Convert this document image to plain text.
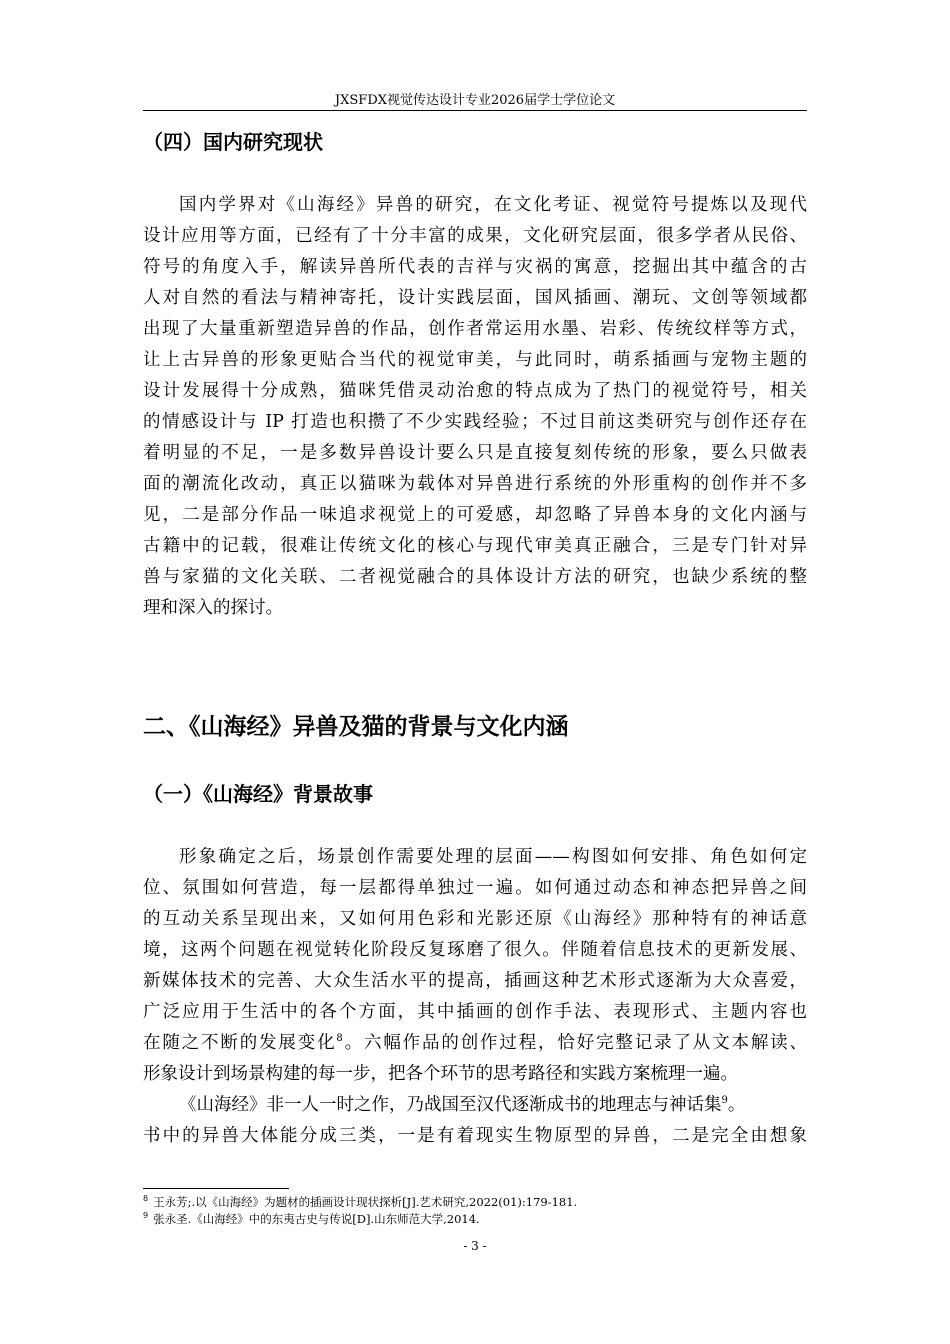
JXSFDX视觉传达设计专业2026届学士学位论文
（四）国内研究现状
国内学界对《山海经》异兽的研究，在文化考证、视觉符号提炼以及现代
设计应用等方面，已经有了十分丰富的成果，文化研究层面，很多学者从民俗、
符号的角度入手，解读异兽所代表的吉祥与灾祸的寓意，挖掘出其中蕴含的古
人对自然的看法与精神寄托，设计实践层面，国风插画、潮玩、文创等领域都
出现了大量重新塑造异兽的作品，创作者常运用水墨、岩彩、传统纹样等方式，
让上古异兽的形象更贴合当代的视觉审美，与此同时，萌系插画与宠物主题的
设计发展得十分成熟，猫咪凭借灵动治愈的特点成为了热门的视觉符号，相关
的情感设计与 IP 打造也积攒了不少实践经验；不过目前这类研究与创作还存在
着明显的不足，一是多数异兽设计要么只是直接复刻传统的形象，要么只做表
面的潮流化改动，真正以猫咪为载体对异兽进行系统的外形重构的创作并不多
见，二是部分作品一味追求视觉上的可爱感，却忽略了异兽本身的文化内涵与
古籍中的记载，很难让传统文化的核心与现代审美真正融合，三是专门针对异
兽与家猫的文化关联、二者视觉融合的具体设计方法的研究，也缺少系统的整
理和深入的探讨。
二、《山海经》异兽及猫的背景与文化内涵
（一）《山海经》背景故事
形象确定之后，场景创作需要处理的层面——构图如何安排、角色如何定
位、氛围如何营造，每一层都得单独过一遍。如何通过动态和神态把异兽之间
的互动关系呈现出来，又如何用色彩和光影还原《山海经》那种特有的神话意
境，这两个问题在视觉转化阶段反复琢磨了很久。伴随着信息技术的更新发展、
新媒体技术的完善、大众生活水平的提高，插画这种艺术形式逐渐为大众喜爱，
广泛应用于生活中的各个方面，其中插画的创作手法、表现形式、主题内容也
在随之不断的发展变化$^8$。六幅作品的创作过程，恰好完整记录了从文本解读、
形象设计到场景构建的每一步，把各个环节的思考路径和实践方案梳理一遍。
《山海经》非一人一时之作，乃战国至汉代逐渐成书的地理志与神话集$^9$。
书中的异兽大体能分成三类，一是有着现实生物原型的异兽，二是完全由想象
$^8$ 王永芳;.以《山海经》为题材的插画设计现状探析[J].艺术研究,2022(01):179-181.
$^9$ 张永圣.《山海经》中的东夷古史与传说[D].山东师范大学,2014.
- 3 -
